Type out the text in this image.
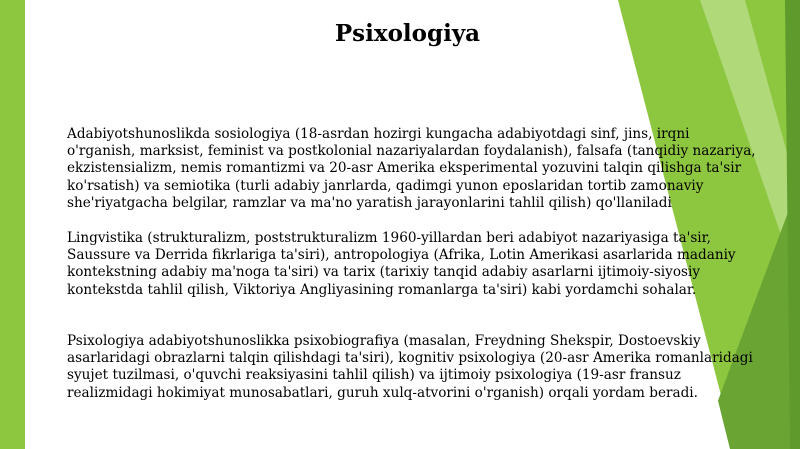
Psixologiya

Adabiyotshunoslikda sosiologiya (18-asrdan hozirgi kungacha adabiyotdagi sinf, jins, irqni o'rganish, marksist, feminist va postkolonial nazariyalardan foydalanish), falsafa (tanqidiy nazariya, ekzistensializm, nemis romantizmi va 20-asr Amerika eksperimental yozuvini talqin qilishga ta'sir ko'rsatish) va semiotika (turli adabiy janrlarda, qadimgi yunon eposlaridan tortib zamonaviy she'riyatgacha belgilar, ramzlar va ma'no yaratish jarayonlarini tahlil qilish) qo'llaniladi

Lingvistika (strukturalizm, poststrukturalizm 1960-yillardan beri adabiyot nazariyasiga ta'sir, Saussure va Derrida fikrlariga ta'siri), antropologiya (Afrika, Lotin Amerikasi asarlarida madaniy kontekstning adabiy ma'noga ta'siri) va tarix (tarixiy tanqid adabiy asarlarni ijtimoiy-siyosiy kontekstda tahlil qilish, Viktoriya Angliyasining romanlarga ta'siri) kabi yordamchi sohalar.

Psixologiya adabiyotshunoslikka psixobiografiya (masalan, Freydning Shekspir, Dostoevskiy asarlaridagi obrazlarni talqin qilishdagi ta'siri), kognitiv psixologiya (20-asr Amerika romanlaridagi syujet tuzilmasi, o'quvchi reaksiyasini tahlil qilish) va ijtimoiy psixologiya (19-asr fransuz realizmidagi hokimiyat munosabatlari, guruh xulq-atvorini o'rganish) orqali yordam beradi.
